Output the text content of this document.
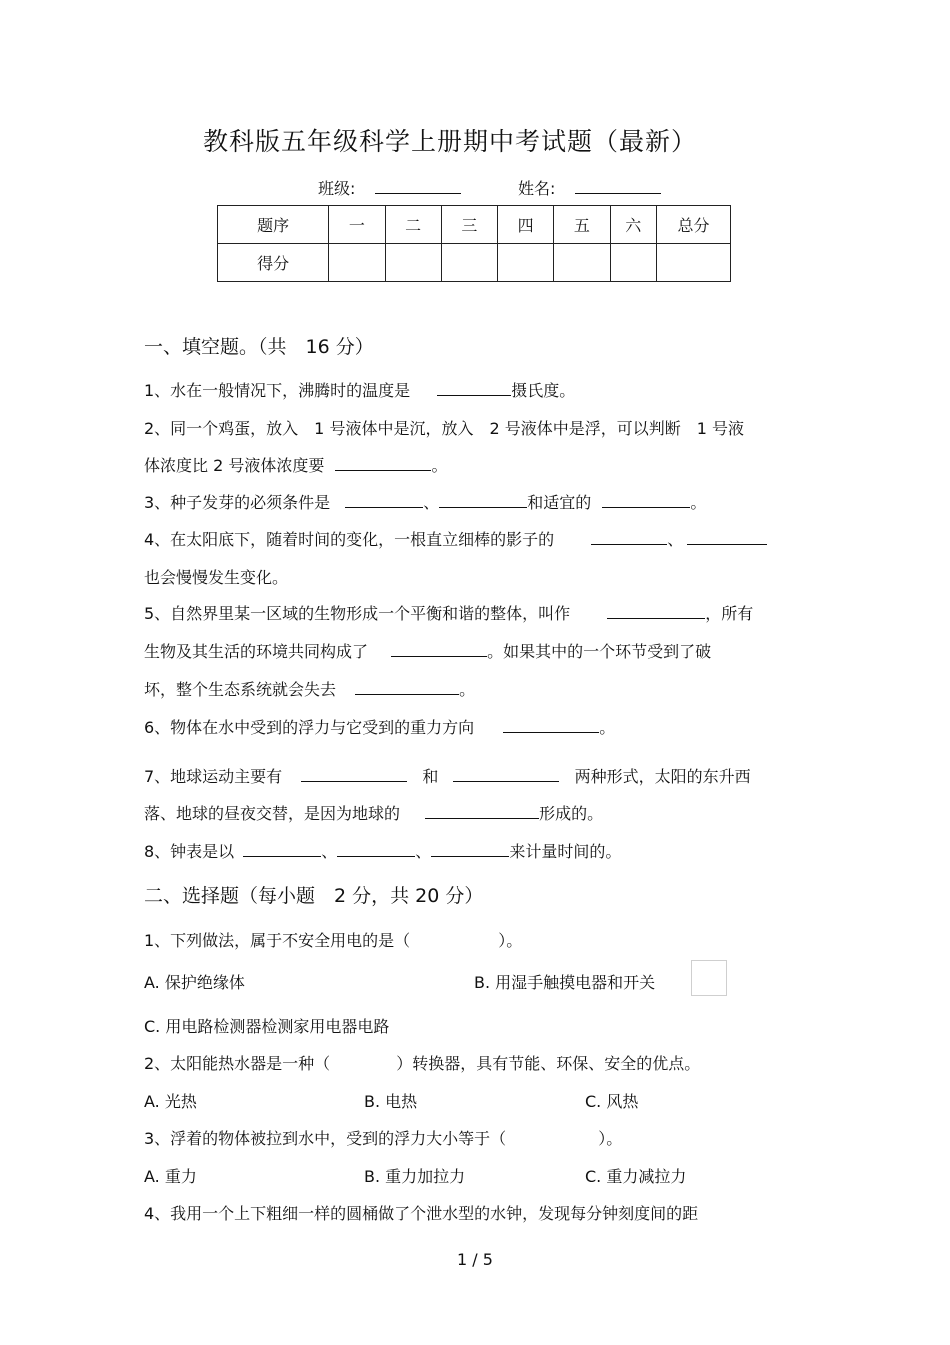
教科版五年级科学上册期中考试题（最新）
班级:	姓名:
题序	一	二	三	四	五	六	总分
得分							
一、填空题。（共　16 分）
1、水在一般情况下，沸腾时的温度是	摄氏度。
2、同一个鸡蛋，放入　1 号液体中是沉，放入　2 号液体中是浮，可以判断　1 号液
体浓度比 2 号液体浓度要	。
3、种子发芽的必须条件是	、	和适宜的	。
4、在太阳底下，随着时间的变化，一根直立细棒的影子的	、
也会慢慢发生变化。
5、自然界里某一区域的生物形成一个平衡和谐的整体，叫作	，所有
生物及其生活的环境共同构成了	。如果其中的一个环节受到了破
坏，整个生态系统就会失去	。
6、物体在水中受到的浮力与它受到的重力方向	。
7、地球运动主要有	和	两种形式，太阳的东升西
落、地球的昼夜交替，是因为地球的	形成的。
8、钟表是以	、	、	来计量时间的。
二、选择题（每小题　2 分，共 20 分）
1、下列做法，属于不安全用电的是（	）。
A. 保护绝缘体	B. 用湿手触摸电器和开关
C. 用电路检测器检测家用电器电路
2、太阳能热水器是一种（	）转换器，具有节能、环保、安全的优点。
A. 光热	B. 电热	C. 风热
3、浮着的物体被拉到水中，受到的浮力大小等于（	）。
A. 重力	B. 重力加拉力	C. 重力减拉力
4、我用一个上下粗细一样的圆桶做了个泄水型的水钟，发现每分钟刻度间的距
1 / 5
